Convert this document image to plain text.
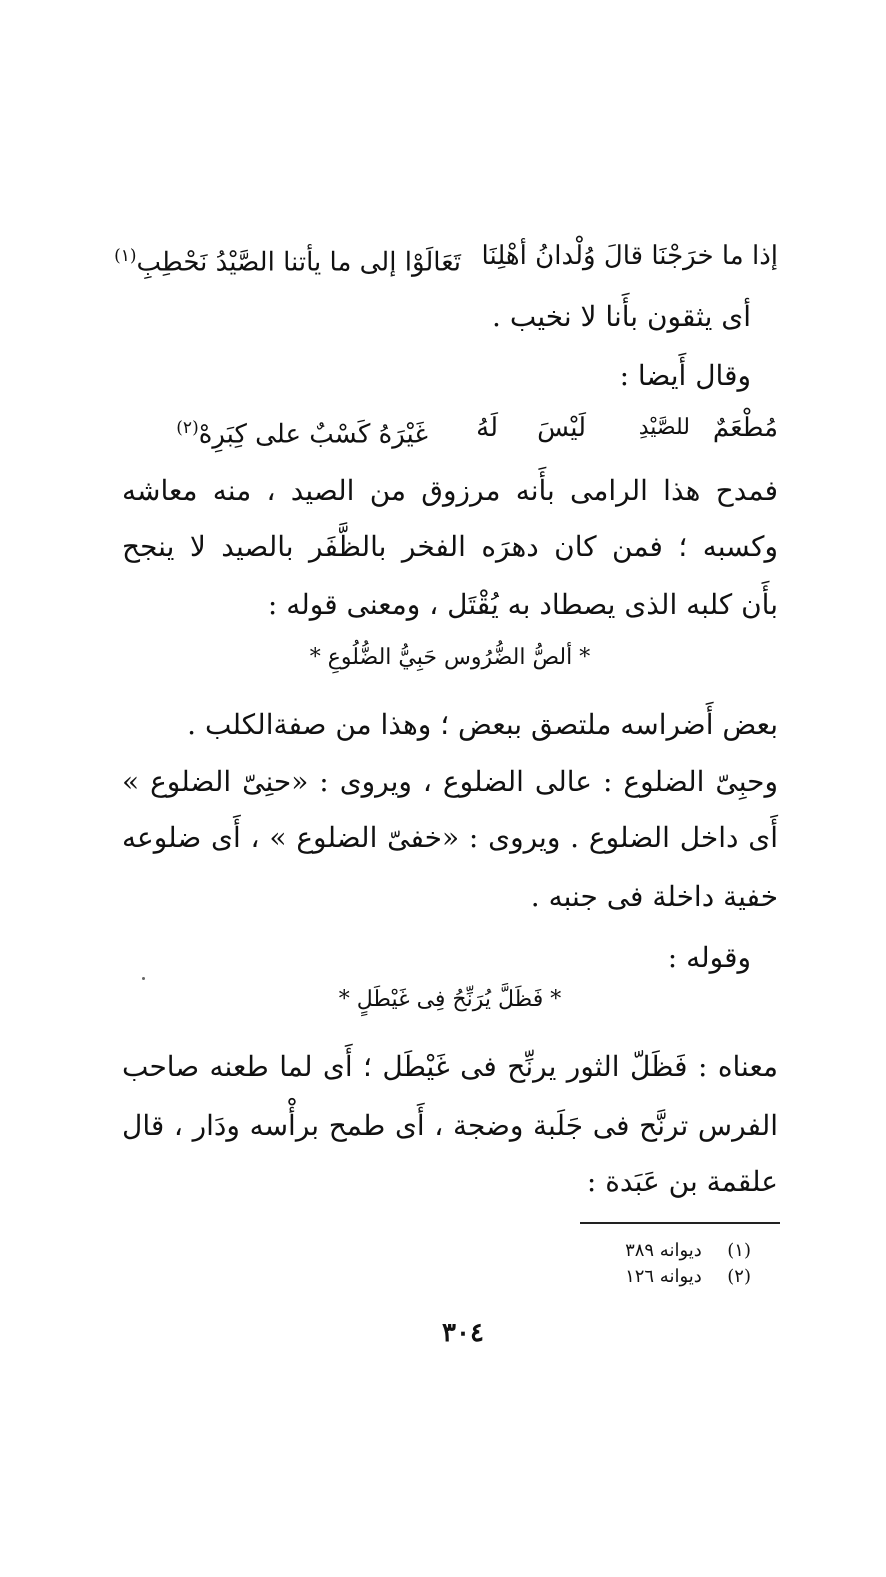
إذا ما خرَجْنَا قالَ وُلْدانُ أهْلِنَا
تَعَالَوْا إلى ما يأتنا الصَّيْدُ نَحْطِبِ$^{(١)}$
أى يثقون بأَنا لا نخيب .
وقال أَيضا :
مُطْعَمٌ
للصَّيْدِ
لَيْسَ
لَهُ
غَيْرَهُ كَسْبٌ على كِبَرِهْ$^{(٢)}$
فمدح هذا الرامى بأَنه مرزوق من الصيد ، منه معاشه
وكسبه ؛ فمن كان دهرَه الفخر بالظَّفَر بالصيد لا ينجح
بأَن كلبه الذى يصطاد به يُقْتَل ، ومعنى قوله :
* ألصُّ الضُّرُوس حَبِيُّ الضُّلُوعِ *
بعض أَضراسه ملتصق ببعض ؛ وهذا من صفةالكلب .
وحبِىّ الضلوع : عالى الضلوع ، ويروى : «حنِىّ الضلوع »
أَى داخل الضلوع . ويروى : «خفىّ الضلوع » ، أَى ضلوعه
خفية داخلة فى جنبه .
وقوله :
* فَظَلَّ يُرَنِّحُ فِى غَيْطَلٍ *
معناه : فَظَلّ الثور يرنِّح فى غَيْطَل ؛ أَى لما طعنه صاحب
الفرس ترنَّح فى جَلَبة وضجة ، أَى طمح برأْسه ودَار ، قال
علقمة بن عَبَدة :
(١)  ديوانه ٣٨٩
(٢)  ديوانه ١٢٦
٣٠٤
